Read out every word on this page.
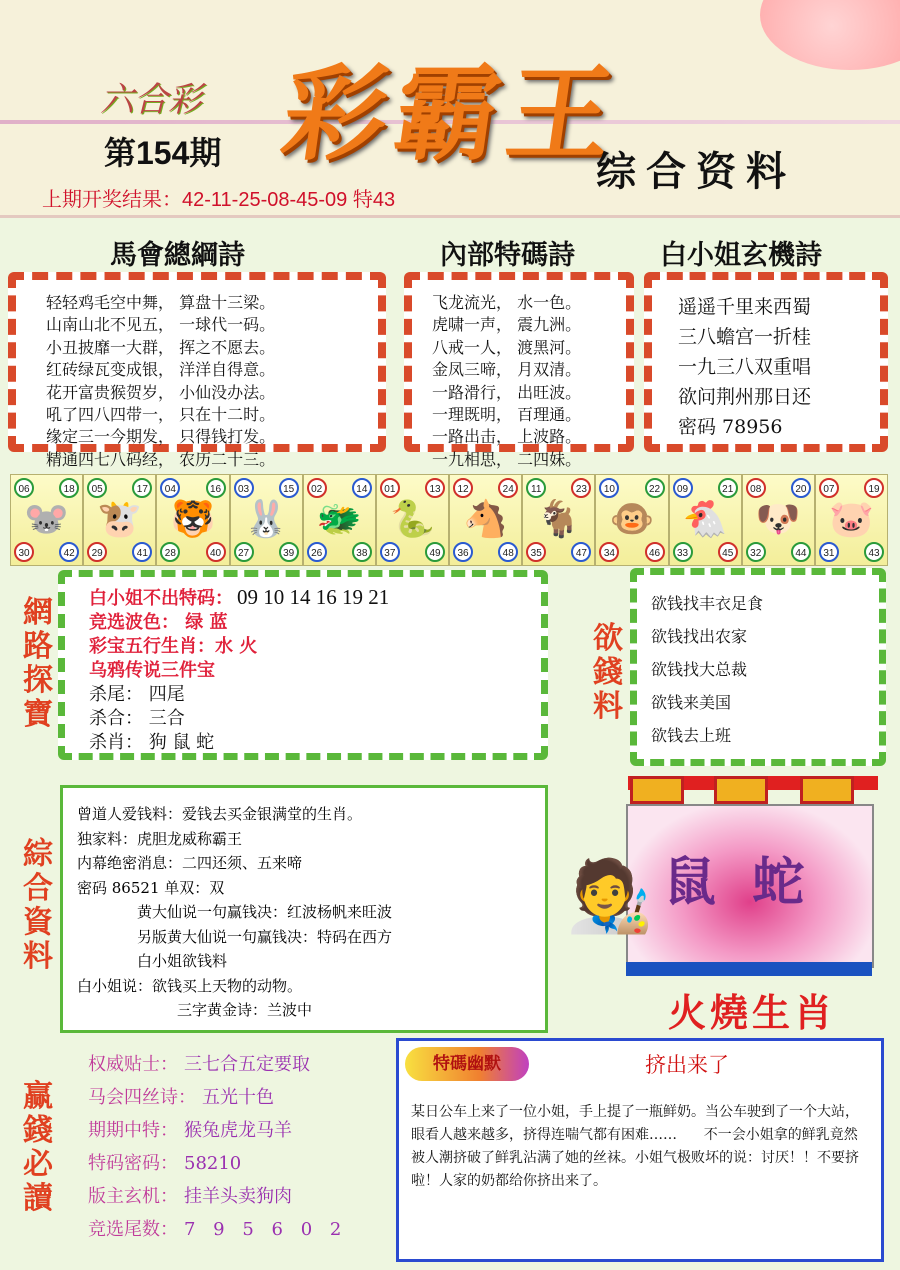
六合彩
第154期 彩霸王
综合资料
上期开奖结果：42-11-25-08-45-09 特43
馬會總綱詩	內部特碼詩	白小姐玄機詩
轻轻鸡毛空中舞， 算盘十三梁。
山南山北不见五， 一球代一码。
小丑披靡一大群， 挥之不愿去。
红砖绿瓦变成银， 洋洋自得意。
花开富贵猴贺岁， 小仙没办法。
吼了四八四带一， 只在十二时。
缘定三一今期发， 只得钱打发。
精通四七八码经， 农历二十三。
飞龙流光， 水一色。
虎啸一声， 震九洲。
八戒一人， 渡黑河。
金凤三啼， 月双清。
一路滑行， 出旺波。
一理既明， 百理通。
一路出击， 上波路。
一九相思， 二四妹。
遥遥千里来西蜀
三八蟾宫一折桂
一九三八双重唱
欲问荆州那日还
密码 78956
🐭
06	18
30	42
🐮
05	17
29	41
🐯
04	16
28	40
🐰
03	15
27	39
🐲
02	14
26	38
🐍
01	13
37	49
🐴
12	24
36	48
🐐
11	23
35	47
🐵
10	22
34	46
🐔
09	21
33	45
🐶
08	20
32	44
🐷
07	19
31	43
網
路
探
寶
白小姐不出特码： 09 10 14 16 19 21
竞选波色： 绿 蓝
彩宝五行生肖：水 火
乌鸦传说三件宝
杀尾： 四尾
杀合： 三合
杀肖： 狗 鼠 蛇
欲
錢
料
欲钱找丰衣足食
欲钱找出农家
欲钱找大总裁
欲钱来美国
欲钱去上班
綜
合
資
料
曾道人爱钱料：爱钱去买金银满堂的生肖。
独家料：虎胆龙威称霸王
内幕绝密消息：二四还须、五来啼
密码 86521 单双：双
黄大仙说一句赢钱决：红波杨帆来旺波
另版黄大仙说一句赢钱决：特码在西方
白小姐欲钱料
白小姐说：欲钱买上天物的动物。
三字黄金诗：兰波中
鼠  蛇
🧑‍🎨
火燒生肖
赢
錢
必
讀
权威贴士： 三七合五定要取
马会四丝诗： 五光十色
期期中特： 猴兔虎龙马羊
特码密码： 58210
版主玄机： 挂羊头卖狗肉
竞选尾数： 7 9 5 6 0 2
特碼幽默	挤出来了
某日公车上来了一位小姐，手上提了一瓶鲜奶。当公车驶到了一个大站，眼看人越来越多，挤得连喘气都有困难……      不一会小姐拿的鲜乳竟然被人潮挤破了鲜乳沾满了她的丝袜。小姐气极败坏的说：讨厌！！不要挤啦！人家的奶都给你挤出来了。
